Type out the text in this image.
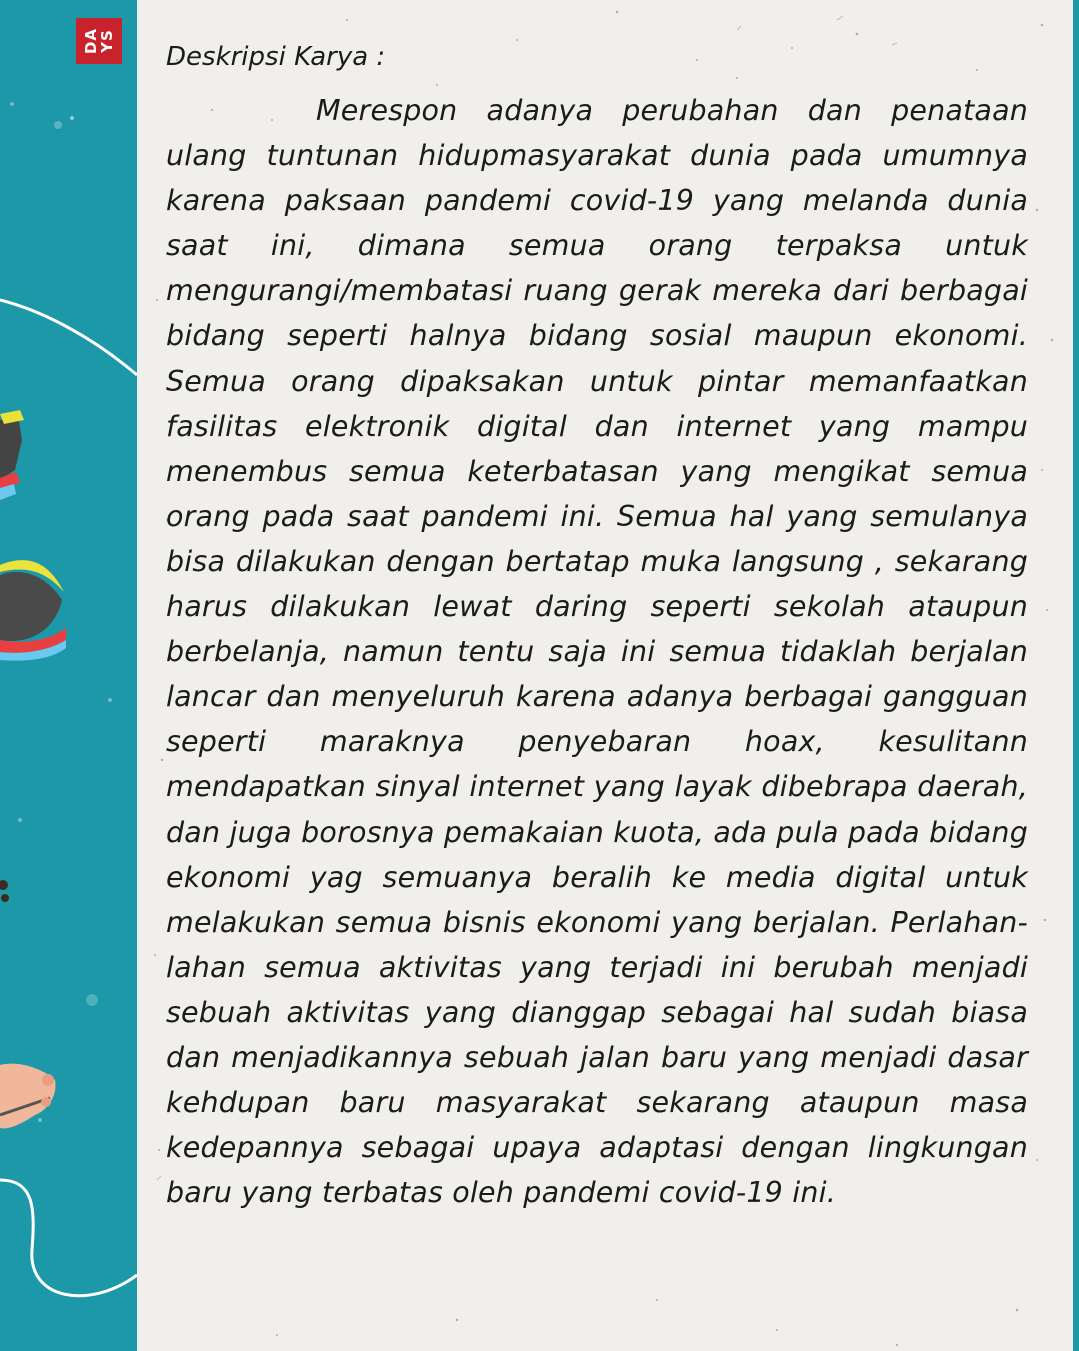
DA YS
Deskripsi Karya :

Merespon adanya perubahan dan penataan ulang tuntunan hidupmasyarakat dunia pada umumnya karena paksaan pandemi covid-19 yang melanda dunia saat ini, dimana semua orang terpaksa untuk mengurangi/membatasi ruang gerak mereka dari berbagai bidang seperti halnya bidang sosial maupun ekonomi. Semua orang dipaksakan untuk pintar memanfaatkan fasilitas elektronik digital dan internet yang mampu menembus semua keterbatasan yang mengikat semua orang pada saat pandemi ini. Semua hal yang semulanya bisa dilakukan dengan bertatap muka langsung , sekarang harus dilakukan lewat daring seperti sekolah ataupun berbelanja, namun tentu saja ini semua tidaklah berjalan lancar dan menyeluruh karena adanya berbagai gangguan seperti maraknya penyebaran hoax, kesulitann mendapatkan sinyal internet yang layak dibebrapa daerah, dan juga borosnya pemakaian kuota, ada pula pada bidang ekonomi yag semuanya beralih ke media digital untuk melakukan semua bisnis ekonomi yang berjalan. Perlahan-lahan semua aktivitas yang terjadi ini berubah menjadi sebuah aktivitas yang dianggap sebagai hal sudah biasa dan menjadikannya sebuah jalan baru yang menjadi dasar kehdupan baru masyarakat sekarang ataupun masa kedepannya sebagai upaya adaptasi dengan lingkungan baru yang terbatas oleh pandemi covid-19 ini.
